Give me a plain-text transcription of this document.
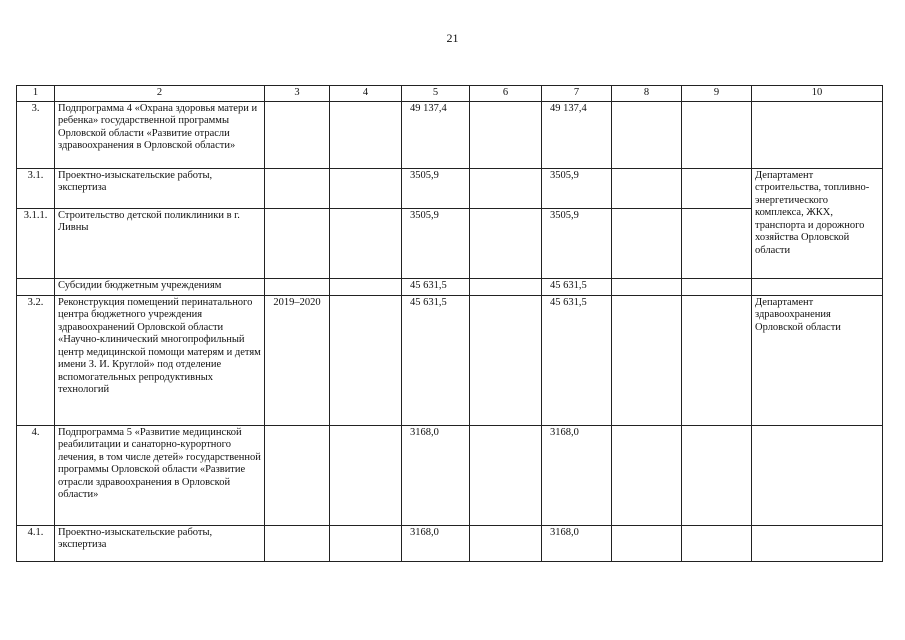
21
1	2	3	4	5	6	7	8	9	10
3.	Подпрограмма 4 «Охрана здоровья матери и ребенка» государственной программы Орловской области «Развитие отрасли здравоохранения в Орловской области»			49 137,4		49 137,4			
3.1.	Проектно-изыскательские работы, экспертиза			3505,9		3505,9			Департамент строительства, топливно-энергетического комплекса, ЖКХ, транспорта и дорожного хозяйства Орловской области
3.1.1.	Строительство детской поликлиники в г. Ливны			3505,9		3505,9			
	Субсидии бюджетным учреждениям			45 631,5		45 631,5			
3.2.	Реконструкция помещений перинатального центра бюджетного учреждения здравоохранений Орловской области «Научно-клинический многопрофильный центр медицинской помощи матерям и детям имени З. И. Круглой» под отделение вспомогательных репродуктивных технологий	2019–2020		45 631,5		45 631,5			Департамент здравоохранения Орловской области
4.	Подпрограмма 5 «Развитие медицинской реабилитации и санаторно-курортного лечения, в том числе детей» государственной программы Орловской области «Развитие отрасли здравоохранения в Орловской области»			3168,0		3168,0			
4.1.	Проектно-изыскательские работы, экспертиза			3168,0		3168,0			
